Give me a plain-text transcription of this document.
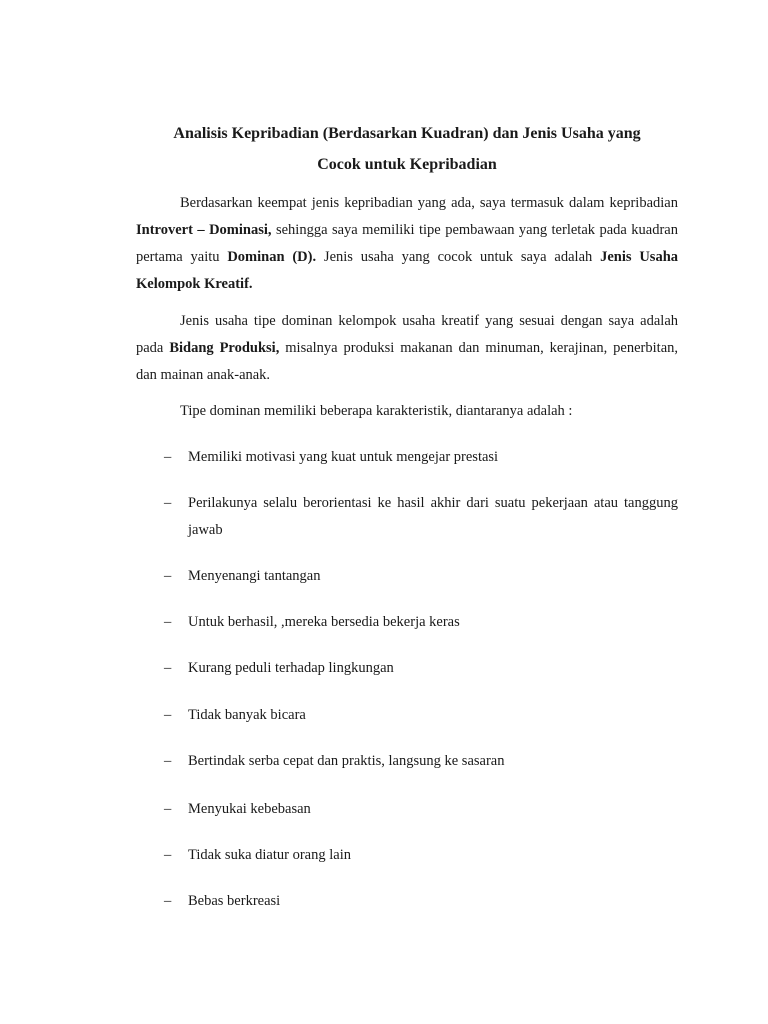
Analisis Kepribadian (Berdasarkan Kuadran) dan Jenis Usaha yang
Cocok untuk Kepribadian

Berdasarkan keempat jenis kepribadian yang ada, saya termasuk dalam kepribadian Introvert – Dominasi, sehingga saya memiliki tipe pembawaan yang terletak pada kuadran pertama yaitu Dominan (D). Jenis usaha yang cocok untuk saya adalah Jenis Usaha Kelompok Kreatif.

Jenis usaha tipe dominan kelompok usaha kreatif yang sesuai dengan saya adalah pada Bidang Produksi, misalnya produksi makanan dan minuman, kerajinan, penerbitan, dan mainan anak-anak.

Tipe dominan memiliki beberapa karakteristik, diantaranya adalah :

– Memiliki motivasi yang kuat untuk mengejar prestasi
– Perilakunya selalu berorientasi ke hasil akhir dari suatu pekerjaan atau tanggung jawab
– Menyenangi tantangan
– Untuk berhasil, ,mereka bersedia bekerja keras
– Kurang peduli terhadap lingkungan
– Tidak banyak bicara
– Bertindak serba cepat dan praktis, langsung ke sasaran
– Menyukai kebebasan
– Tidak suka diatur orang lain
– Bebas berkreasi
